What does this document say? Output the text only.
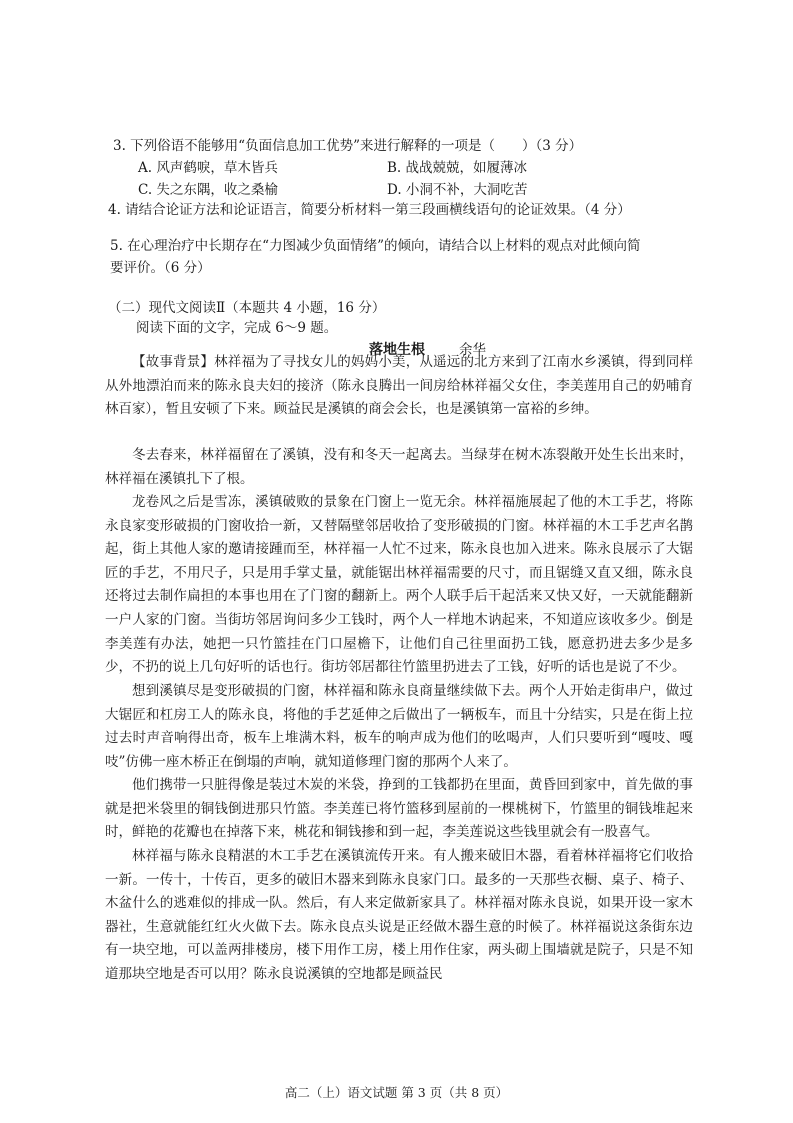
3. 下列俗语不能够用“负面信息加工优势”来进行解释的一项是（　　）（3 分）
A. 风声鹤唳，草木皆兵	B. 战战兢兢，如履薄冰
C. 失之东隅，收之桑榆	D. 小洞不补，大洞吃苦
4. 请结合论证方法和论证语言，简要分析材料一第三段画横线语句的论证效果。（4 分）
5. 在心理治疗中长期存在“力图减少负面情绪”的倾向，请结合以上材料的观点对此倾向简
要评价。（6 分）
（二）现代文阅读Ⅱ（本题共 4 小题，16 分）
阅读下面的文字，完成 6～9 题。
落地生根	余华

【故事背景】林祥福为了寻找女儿的妈妈小美，从遥远的北方来到了江南水乡溪镇，得到同样从外地漂泊而来的陈永良夫妇的接济（陈永良腾出一间房给林祥福父女住，李美莲用自己的奶哺育林百家），暂且安顿了下来。顾益民是溪镇的商会会长，也是溪镇第一富裕的乡绅。

冬去春来，林祥福留在了溪镇，没有和冬天一起离去。当绿芽在树木冻裂敞开处生长出来时，林祥福在溪镇扎下了根。

龙卷风之后是雪冻，溪镇破败的景象在门窗上一览无余。林祥福施展起了他的木工手艺，将陈永良家变形破损的门窗收拾一新，又替隔壁邻居收拾了变形破损的门窗。林祥福的木工手艺声名鹊起，街上其他人家的邀请接踵而至，林祥福一人忙不过来，陈永良也加入进来。陈永良展示了大锯匠的手艺，不用尺子，只是用手掌丈量，就能锯出林祥福需要的尺寸，而且锯缝又直又细，陈永良还将过去制作扁担的本事也用在了门窗的翻新上。两个人联手后干起活来又快又好，一天就能翻新一户人家的门窗。当街坊邻居询问多少工钱时，两个人一样地木讷起来，不知道应该收多少。倒是李美莲有办法，她把一只竹篮挂在门口屋檐下，让他们自己往里面扔工钱，愿意扔进去多少是多少，不扔的说上几句好听的话也行。街坊邻居都往竹篮里扔进去了工钱，好听的话也是说了不少。

想到溪镇尽是变形破损的门窗，林祥福和陈永良商量继续做下去。两个人开始走街串户，做过大锯匠和杠房工人的陈永良，将他的手艺延伸之后做出了一辆板车，而且十分结实，只是在街上拉过去时声音响得出奇，板车上堆满木料，板车的响声成为他们的吆喝声，人们只要听到“嘎吱、嘎吱”仿佛一座木桥正在倒塌的声响，就知道修理门窗的那两个人来了。

他们携带一只脏得像是装过木炭的米袋，挣到的工钱都扔在里面，黄昏回到家中，首先做的事就是把米袋里的铜钱倒进那只竹篮。李美莲已将竹篮移到屋前的一棵桃树下，竹篮里的铜钱堆起来时，鲜艳的花瓣也在掉落下来，桃花和铜钱掺和到一起，李美莲说这些钱里就会有一股喜气。

林祥福与陈永良精湛的木工手艺在溪镇流传开来。有人搬来破旧木器，看着林祥福将它们收拾一新。一传十，十传百，更多的破旧木器来到陈永良家门口。最多的一天那些衣橱、桌子、椅子、木盆什么的逃难似的排成一队。然后，有人来定做新家具了。林祥福对陈永良说，如果开设一家木器社，生意就能红红火火做下去。陈永良点头说是正经做木器生意的时候了。林祥福说这条街东边有一块空地，可以盖两排楼房，楼下用作工房，楼上用作住家，两头砌上围墙就是院子，只是不知道那块空地是否可以用？陈永良说溪镇的空地都是顾益民

高二（上）语文试题 第 3 页（共 8 页）
